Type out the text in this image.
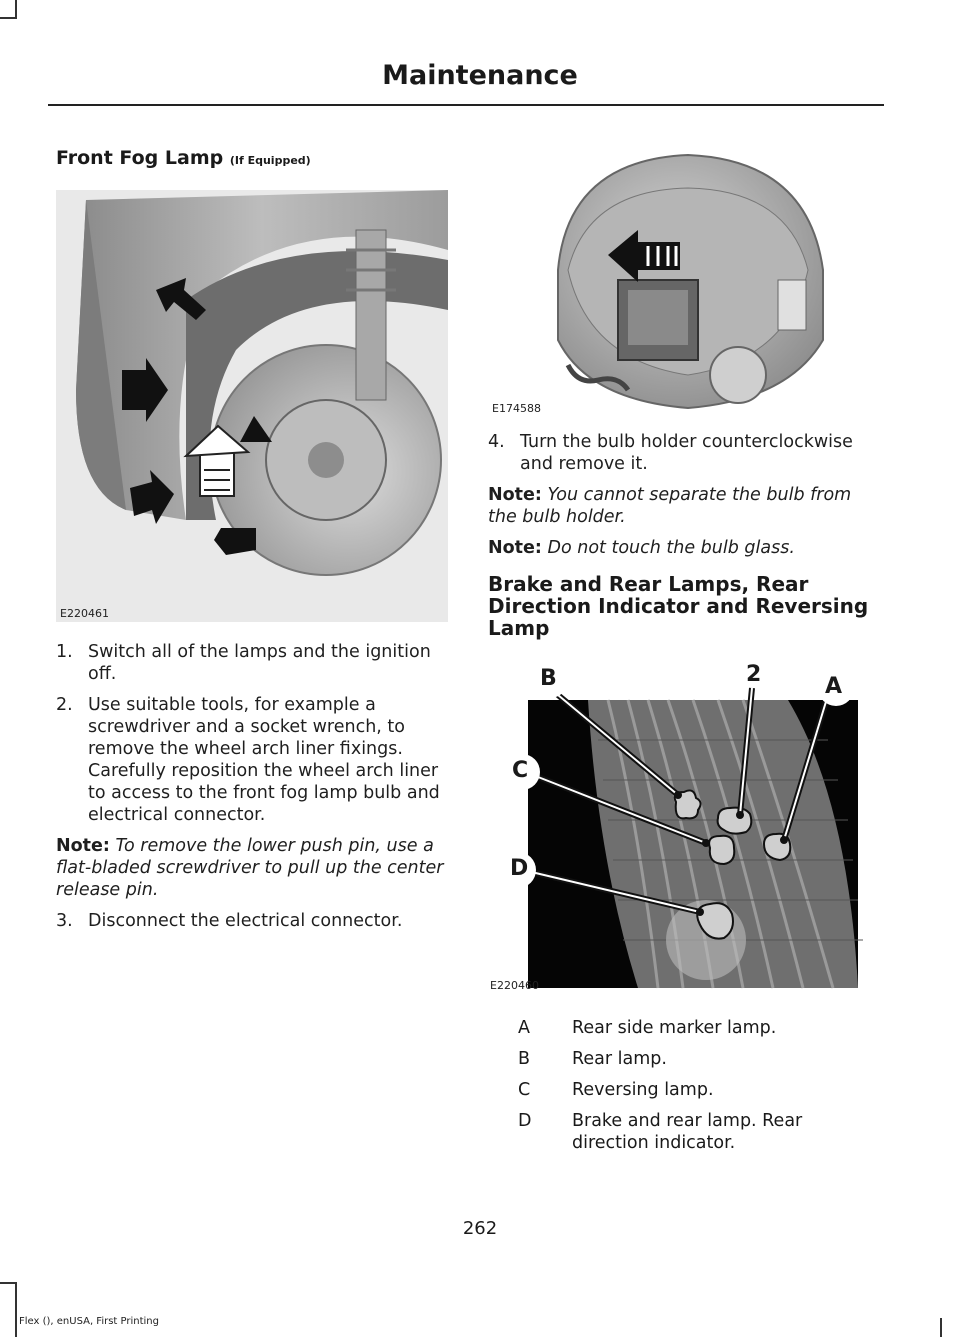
Maintenance
Front Fog Lamp (If Equipped)
E220461
1. Switch all of the lamps and the ignition off.
2. Use suitable tools, for example a screwdriver and a socket wrench, to remove the wheel arch liner fixings. Carefully reposition the wheel arch liner to access to the front fog lamp bulb and electrical connector.
Note: To remove the lower push pin, use a flat-bladed screwdriver to pull up the center release pin.
3. Disconnect the electrical connector.
E174588
4. Turn the bulb holder counterclockwise and remove it.
Note: You cannot separate the bulb from the bulb holder.
Note: Do not touch the bulb glass.
Brake and Rear Lamps, Rear Direction Indicator and Reversing Lamp
B	2	A
C
D
E220460
A Rear side marker lamp.
B Rear lamp.
C Reversing lamp.
D Brake and rear lamp. Rear direction indicator.
262
Flex (), enUSA, First Printing
